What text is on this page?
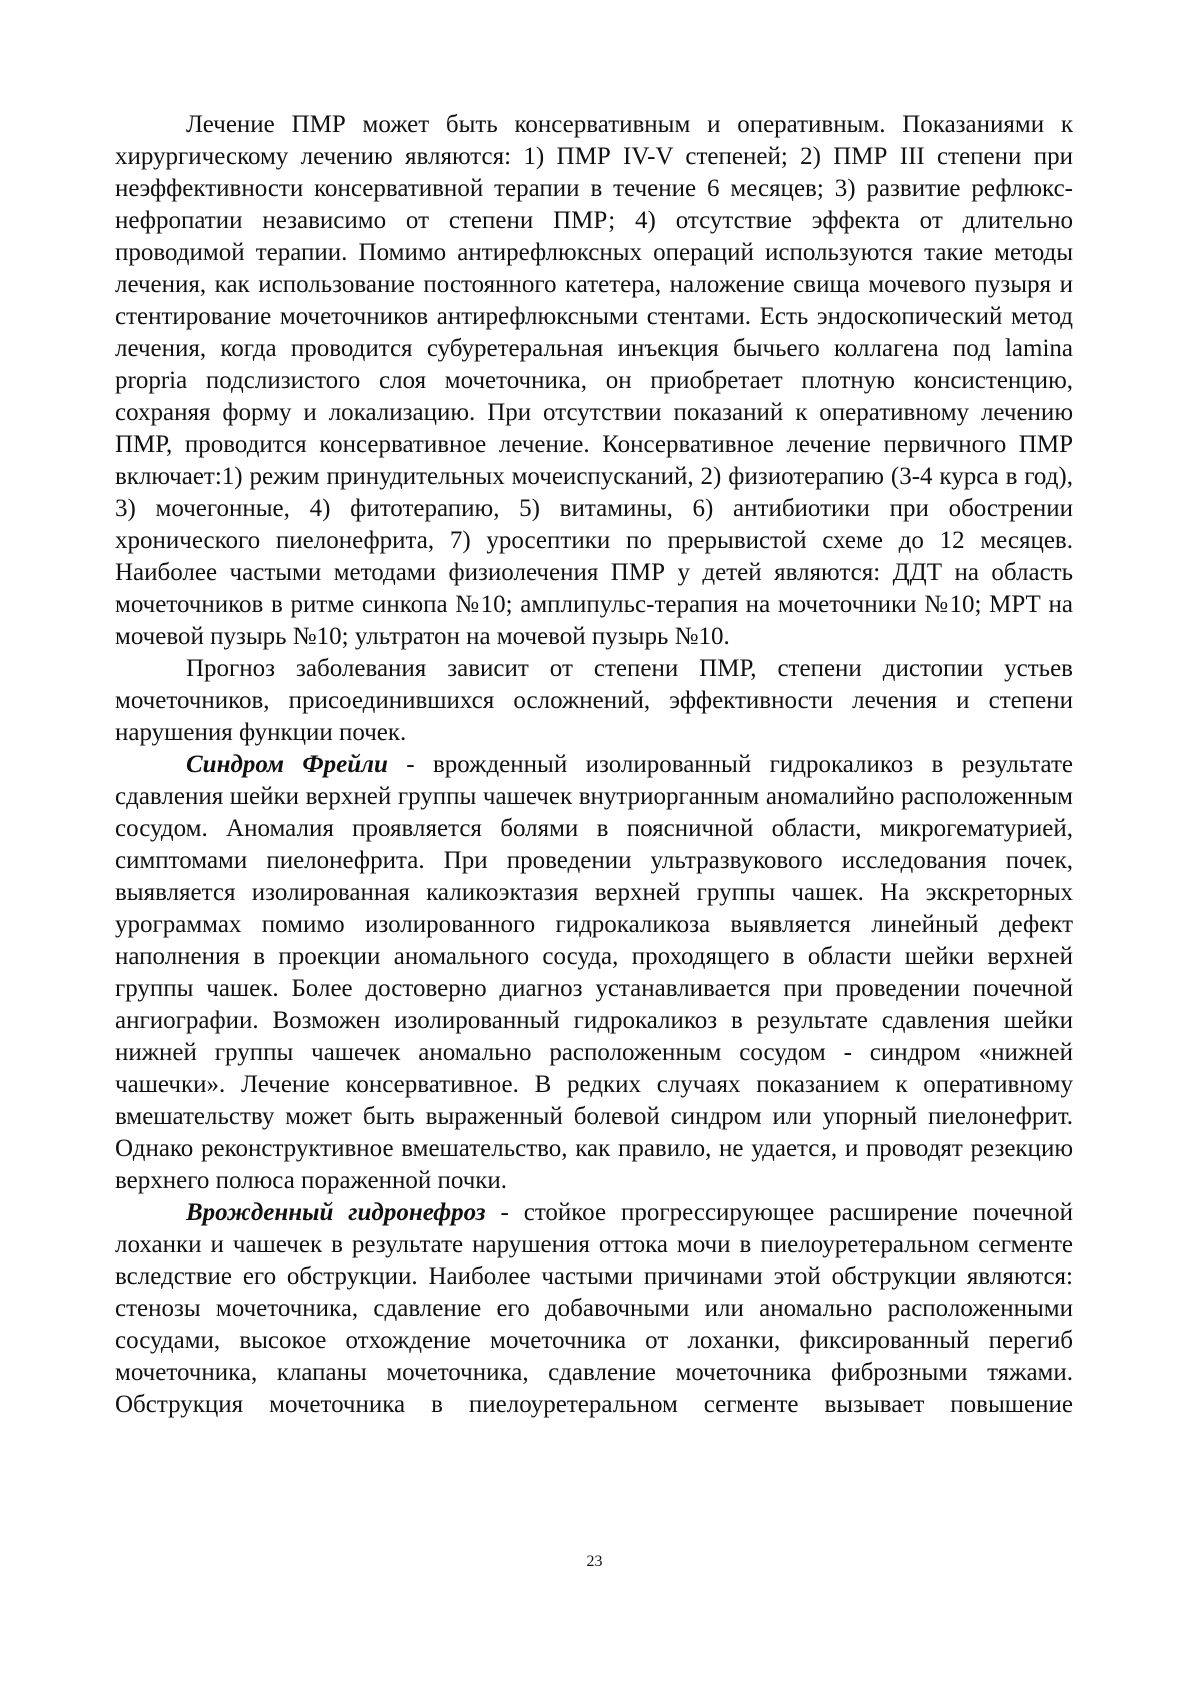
Лечение ПМР может быть консервативным и оперативным. Показаниями к хирургическому лечению являются: 1) ПМР IV-V степеней; 2) ПМР III степени при неэффективности консервативной терапии в течение 6 месяцев; 3) развитие рефлюкс-нефропатии независимо от степени ПМР; 4) отсутствие эффекта от длительно проводимой терапии. Помимо антирефлюксных операций используются такие методы лечения, как использование постоянного катетера, наложение свища мочевого пузыря и стентирование мочеточников антирефлюксными стентами. Есть эндоскопический метод лечения, когда проводится субуретеральная инъекция бычьего коллагена под lamina propria подслизистого слоя мочеточника, он приобретает плотную консистенцию, сохраняя форму и локализацию. При отсутствии показаний к оперативному лечению ПМР, проводится консервативное лечение. Консервативное лечение первичного ПМР включает:1) режим принудительных мочеиспусканий, 2) физиотерапию (3-4 курса в год), 3) мочегонные, 4) фитотерапию, 5) витамины, 6) антибиотики при обострении хронического пиелонефрита, 7) уросептики по прерывистой схеме до 12 месяцев. Наиболее частыми методами физиолечения ПМР у детей являются: ДДТ на область мочеточников в ритме синкопа №10; амплипульс-терапия на мочеточники №10; МРТ на мочевой пузырь №10; ультратон на мочевой пузырь №10.

Прогноз заболевания зависит от степени ПМР, степени дистопии устьев мочеточников, присоединившихся осложнений, эффективности лечения и степени нарушения функции почек.

Синдром Фрейли - врожденный изолированный гидрокаликоз в результате сдавления шейки верхней группы чашечек внутриорганным аномалийно расположенным сосудом. Аномалия проявляется болями в поясничной области, микрогематурией, симптомами пиелонефрита. При проведении ультразвукового исследования почек, выявляется изолированная каликоэктазия верхней группы чашек. На экскреторных урограммах помимо изолированного гидрокаликоза выявляется линейный дефект наполнения в проекции аномального сосуда, проходящего в области шейки верхней группы чашек. Более достоверно диагноз устанавливается при проведении почечной ангиографии. Возможен изолированный гидрокаликоз в результате сдавления шейки нижней группы чашечек аномально расположенным сосудом - синдром «нижней чашечки». Лечение консервативное. В редких случаях показанием к оперативному вмешательству может быть выраженный болевой синдром или упорный пиелонефрит. Однако реконструктивное вмешательство, как правило, не удается, и проводят резекцию верхнего полюса пораженной почки.

Врожденный гидронефроз - стойкое прогрессирующее расширение почечной лоханки и чашечек в результате нарушения оттока мочи в пиелоуретеральном сегменте вследствие его обструкции. Наиболее частыми причинами этой обструкции являются: стенозы мочеточника, сдавление его добавочными или аномально расположенными сосудами, высокое отхождение мочеточника от лоханки, фиксированный перегиб мочеточника, клапаны мочеточника, сдавление мочеточника фиброзными тяжами. Обструкция мочеточника в пиелоуретеральном сегменте вызывает повышение

23
